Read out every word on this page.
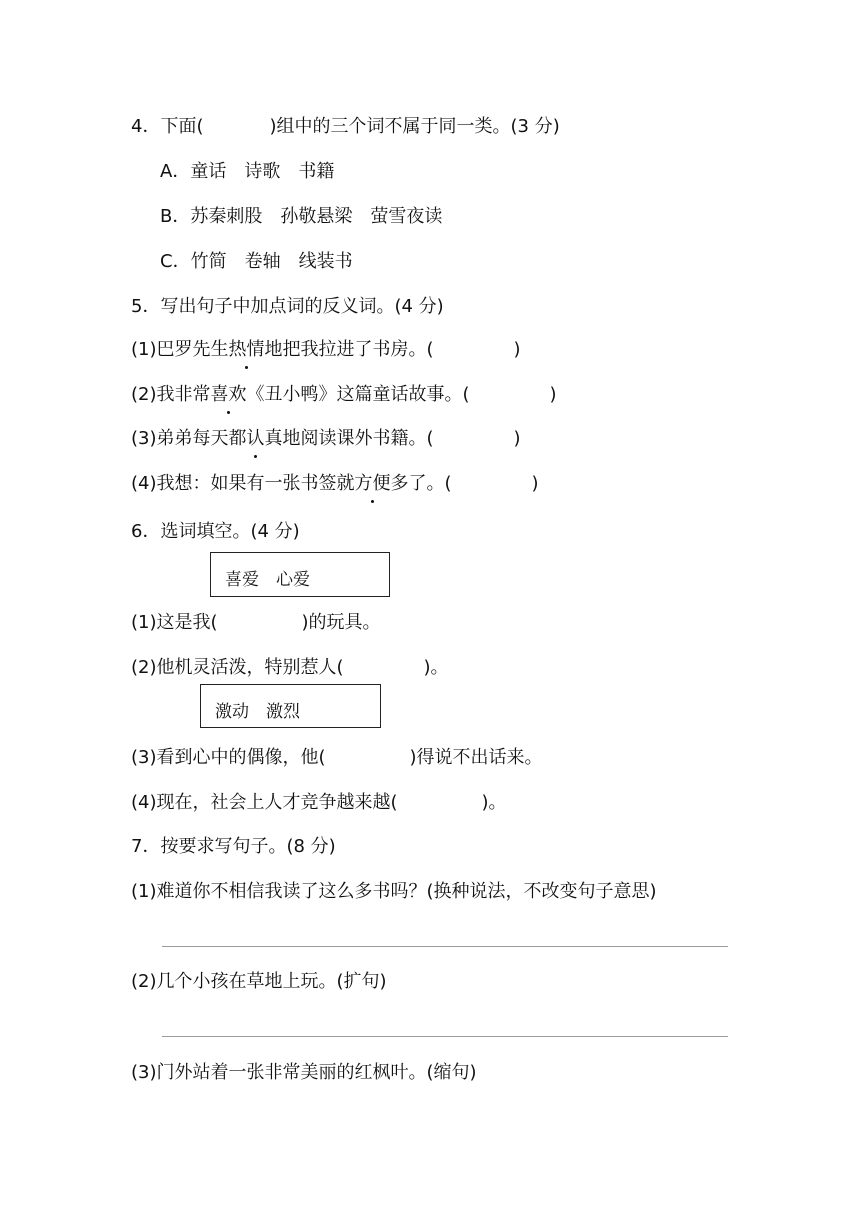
4．下面(	)组中的三个词不属于同一类。(3 分)
A．童话　诗歌　书籍
B．苏秦刺股　孙敬悬梁　萤雪夜读
C．竹简　卷轴　线装书
5．写出句子中加点词的反义词。(4 分)
(1)巴罗先生热情地把我拉进了书房。(	)
(2)我非常喜欢《丑小鸭》这篇童话故事。(	)
(3)弟弟每天都认真地阅读课外书籍。(	)
(4)我想：如果有一张书签就方便多了。(	)
6．选词填空。(4 分)
喜爱　心爱
(1)这是我(	)的玩具。
(2)他机灵活泼，特别惹人(	)。
激动　激烈
(3)看到心中的偶像，他(	)得说不出话来。
(4)现在，社会上人才竞争越来越(	)。
7．按要求写句子。(8 分)
(1)难道你不相信我读了这么多书吗？(换种说法，不改变句子意思)
(2)几个小孩在草地上玩。(扩句)
(3)门外站着一张非常美丽的红枫叶。(缩句)
